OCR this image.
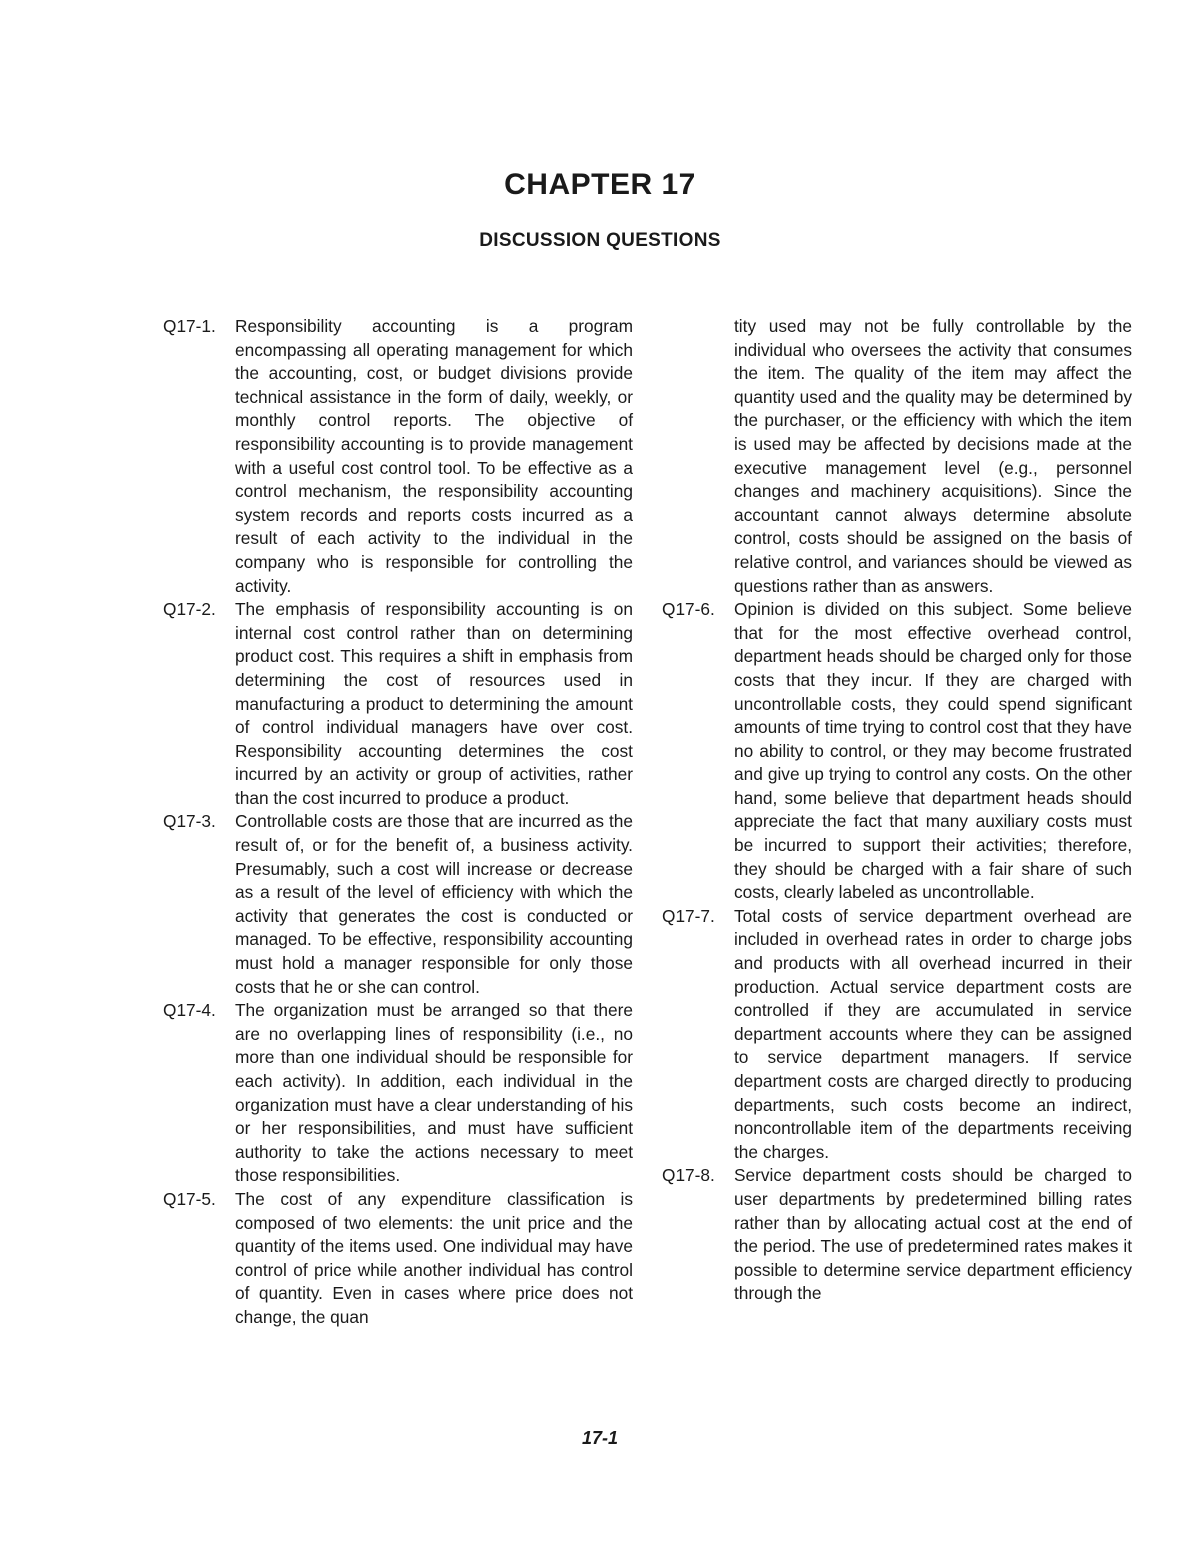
CHAPTER 17
DISCUSSION QUESTIONS
Q17-1.	Responsibility accounting is a program encompassing all operating management for which the accounting, cost, or budget divisions provide technical assistance in the form of daily, weekly, or monthly control reports. The objective of responsibility accounting is to provide management with a useful cost control tool. To be effective as a control mechanism, the responsibility accounting system records and reports costs incurred as a result of each activity to the individual in the company who is responsible for controlling the activity.
Q17-2.	The emphasis of responsibility accounting is on internal cost control rather than on determining product cost. This requires a shift in emphasis from determining the cost of resources used in manufacturing a product to determining the amount of control individual managers have over cost. Responsibility accounting determines the cost incurred by an activity or group of activities, rather than the cost incurred to produce a product.
Q17-3.	Controllable costs are those that are incurred as the result of, or for the benefit of, a business activity. Presumably, such a cost will increase or decrease as a result of the level of efficiency with which the activity that generates the cost is conducted or managed. To be effective, responsibility accounting must hold a manager responsible for only those costs that he or she can control.
Q17-4.	The organization must be arranged so that there are no overlapping lines of responsibility (i.e., no more than one individual should be responsible for each activity). In addition, each individual in the organization must have a clear understanding of his or her responsibilities, and must have sufficient authority to take the actions necessary to meet those responsibilities.
Q17-5.	The cost of any expenditure classification is composed of two elements: the unit price and the quantity of the items used. One individual may have control of price while another individual has control of quantity. Even in cases where price does not change, the quan
tity used may not be fully controllable by the individual who oversees the activity that consumes the item. The quality of the item may affect the quantity used and the quality may be determined by the purchaser, or the efficiency with which the item is used may be affected by decisions made at the executive management level (e.g., personnel changes and machinery acquisitions). Since the accountant cannot always determine absolute control, costs should be assigned on the basis of relative control, and variances should be viewed as questions rather than as answers.
Q17-6.	Opinion is divided on this subject. Some believe that for the most effective overhead control, department heads should be charged only for those costs that they incur. If they are charged with uncontrollable costs, they could spend significant amounts of time trying to control cost that they have no ability to control, or they may become frustrated and give up trying to control any costs. On the other hand, some believe that department heads should appreciate the fact that many auxiliary costs must be incurred to support their activities; therefore, they should be charged with a fair share of such costs, clearly labeled as uncontrollable.
Q17-7.	Total costs of service department overhead are included in overhead rates in order to charge jobs and products with all overhead incurred in their production. Actual service department costs are controlled if they are accumulated in service department accounts where they can be assigned to service department managers. If service department costs are charged directly to producing departments, such costs become an indirect, noncontrollable item of the departments receiving the charges.
Q17-8.	Service department costs should be charged to user departments by predetermined billing rates rather than by allocating actual cost at the end of the period. The use of predetermined rates makes it possible to determine service department efficiency through the
17-1
